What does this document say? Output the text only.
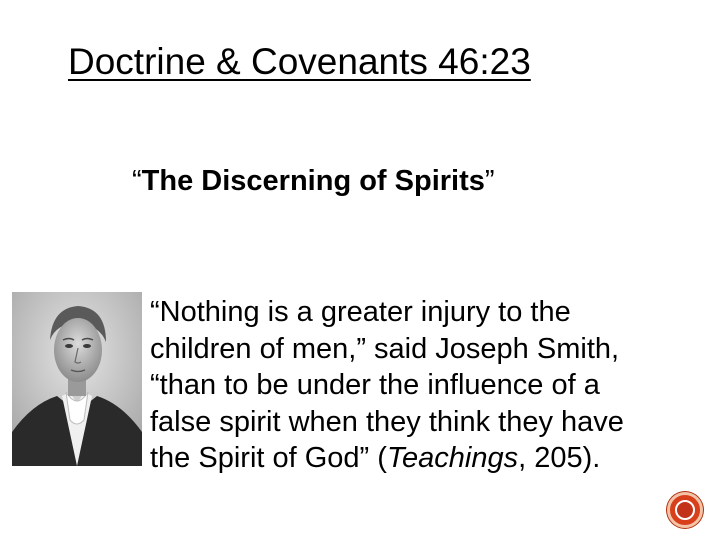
Doctrine & Covenants 46:23
“The Discerning of Spirits”
“Nothing is a greater injury to the
children of men,” said Joseph Smith,
“than to be under the influence of a
false spirit when they think they have
the Spirit of God” (Teachings, 205).
